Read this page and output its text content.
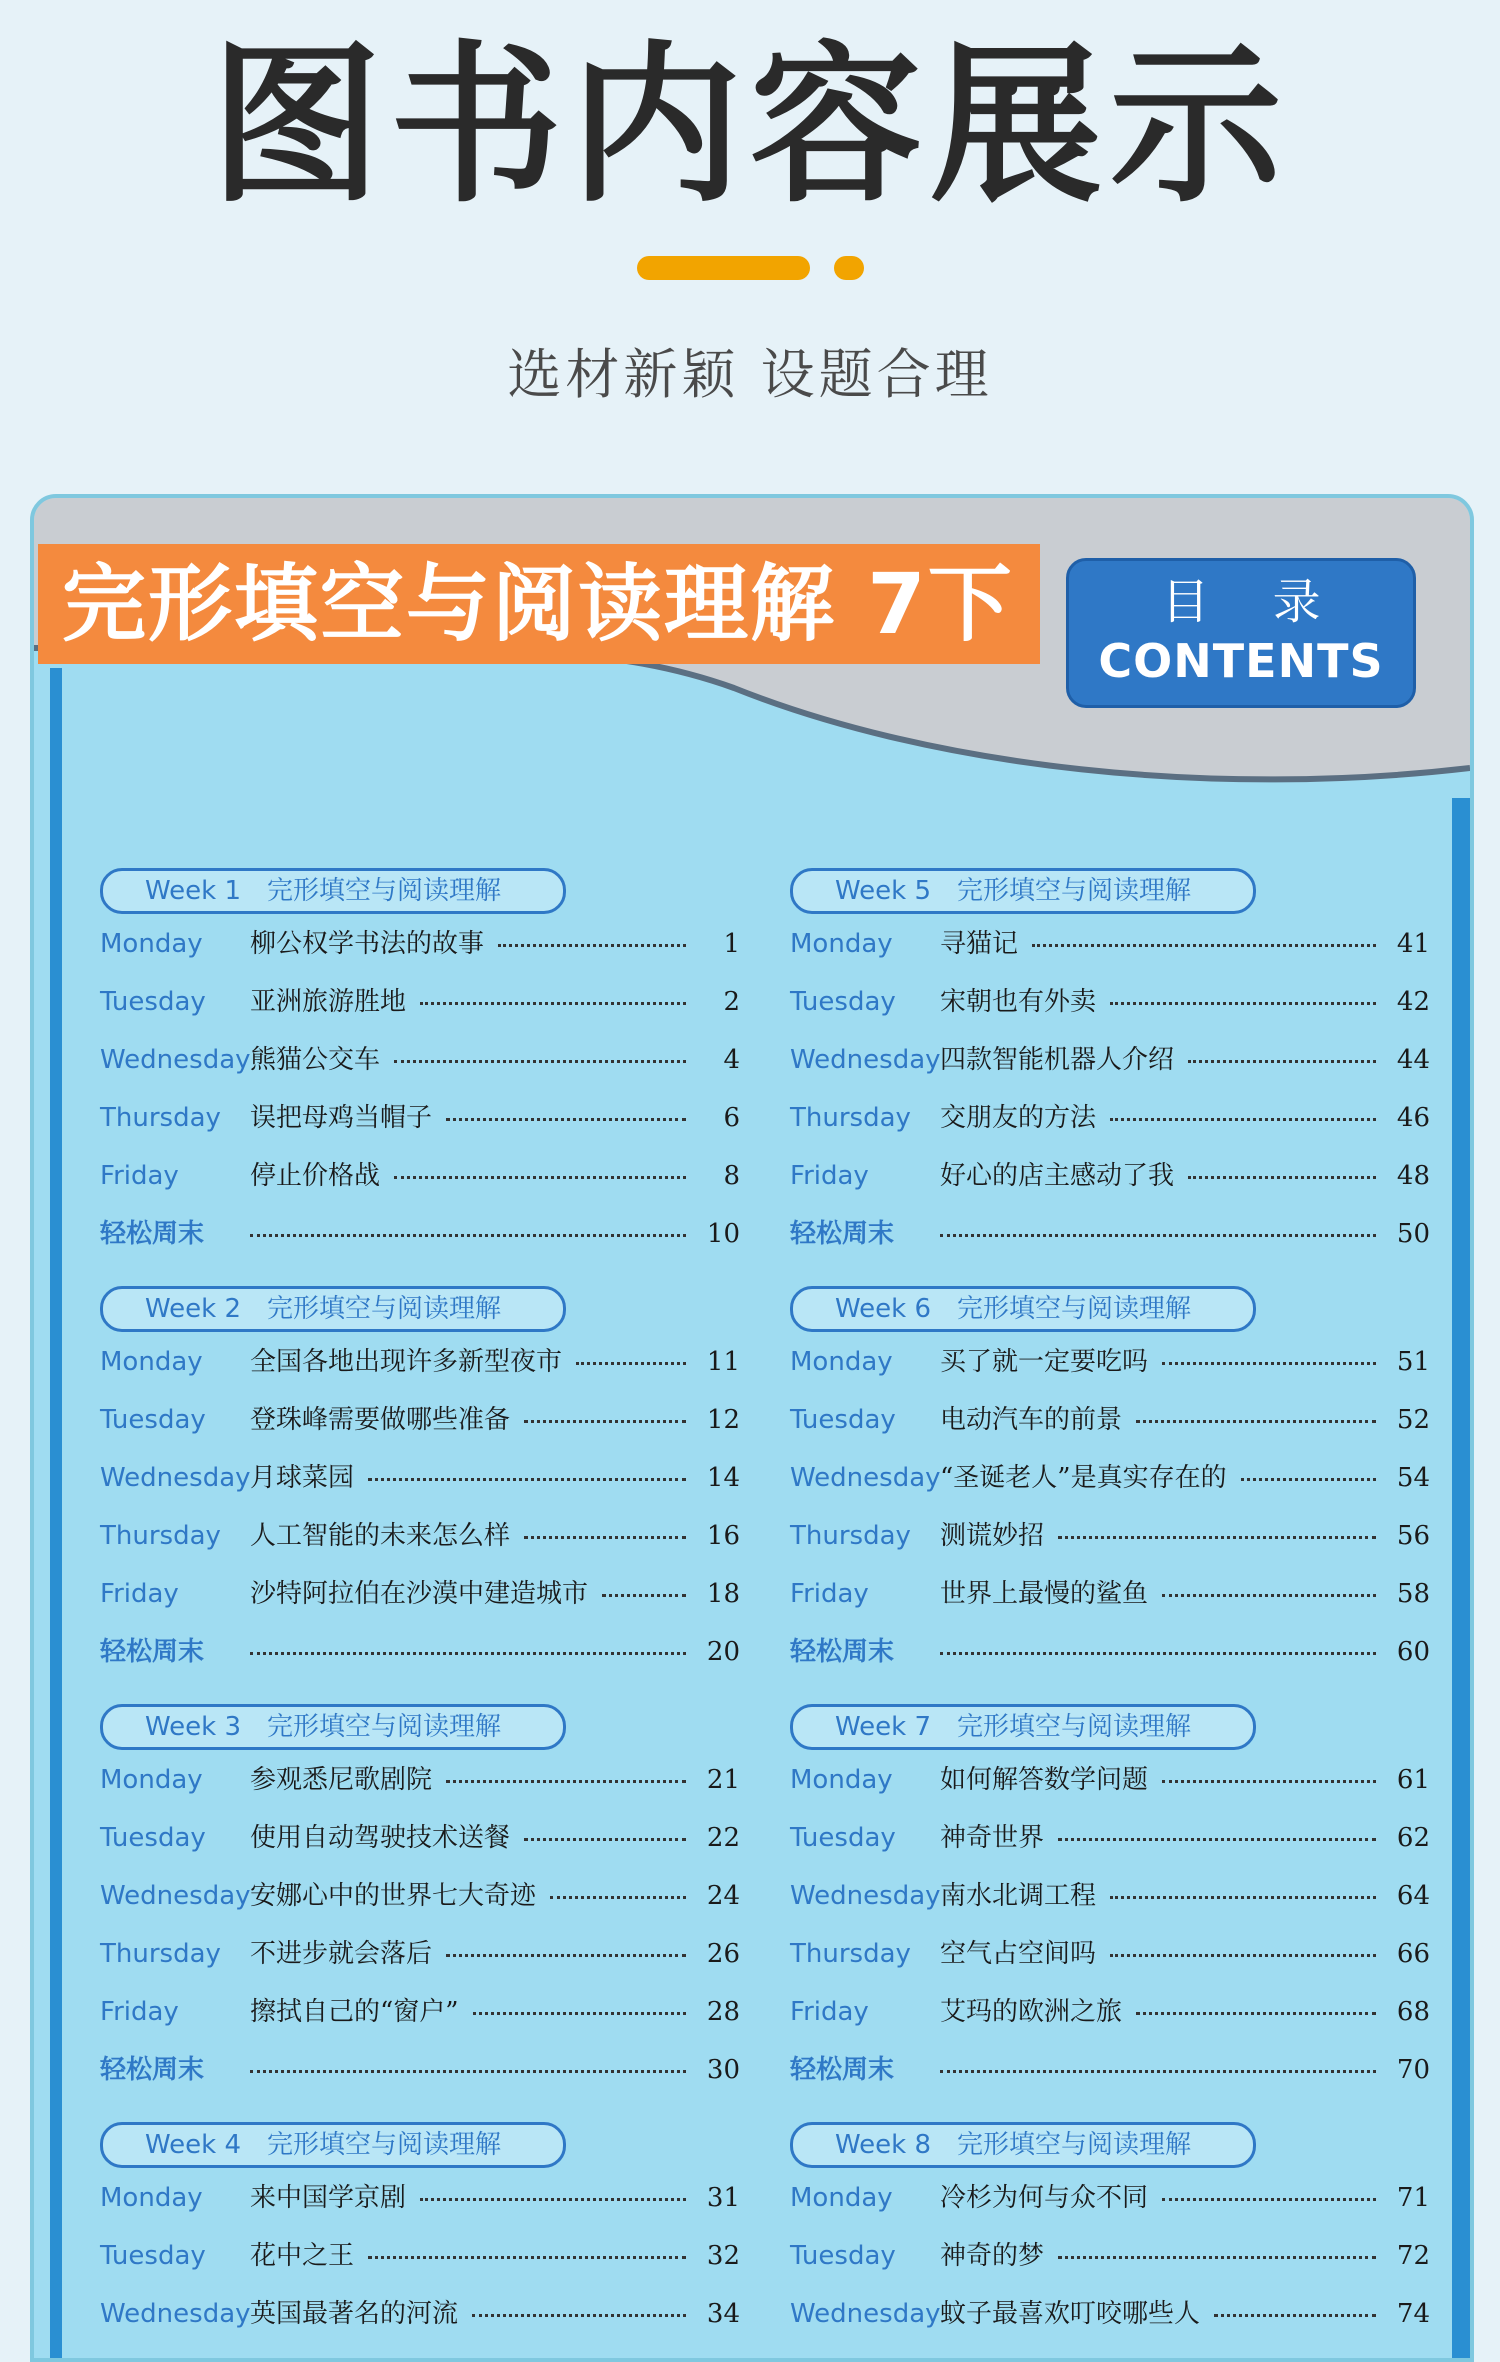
图书内容展示
选材新颖 设题合理
完形填空与阅读理解 7下	目 录
CONTENTS
Week 1 完形填空与阅读理解
Monday 柳公权学书法的故事	1
Tuesday 亚洲旅游胜地	2
Wednesday 熊猫公交车	4
Thursday 误把母鸡当帽子	6
Friday	停止价格战	8
轻松周末	10
Week 2 完形填空与阅读理解
Monday 全国各地出现许多新型夜市	11
Tuesday 登珠峰需要做哪些准备	12
Wednesday 月球菜园	14
Thursday 人工智能的未来怎么样	16
Friday	沙特阿拉伯在沙漠中建造城市	18
轻松周末	20
Week 3 完形填空与阅读理解
Monday 参观悉尼歌剧院	21
Tuesday 使用自动驾驶技术送餐	22
Wednesday 安娜心中的世界七大奇迹	24
Thursday 不进步就会落后	26
Friday	擦拭自己的“窗户”	28
轻松周末	30
Week 4 完形填空与阅读理解
Monday 来中国学京剧	31
Tuesday 花中之王	32
Wednesday 英国最著名的河流	34
Week 5 完形填空与阅读理解
Monday 寻猫记	41
Tuesday 宋朝也有外卖	42
Wednesday 四款智能机器人介绍	44
Thursday 交朋友的方法	46
Friday	好心的店主感动了我	48
轻松周末	50
Week 6 完形填空与阅读理解
Monday 买了就一定要吃吗	51
Tuesday 电动汽车的前景	52
Wednesday “圣诞老人”是真实存在的	54
Thursday 测谎妙招	56
Friday	世界上最慢的鲨鱼	58
轻松周末	60
Week 7 完形填空与阅读理解
Monday 如何解答数学问题	61
Tuesday 神奇世界	62
Wednesday 南水北调工程	64
Thursday 空气占空间吗	66
Friday	艾玛的欧洲之旅	68
轻松周末	70
Week 8 完形填空与阅读理解
Monday 冷杉为何与众不同	71
Tuesday 神奇的梦	72
Wednesday 蚊子最喜欢叮咬哪些人	74
